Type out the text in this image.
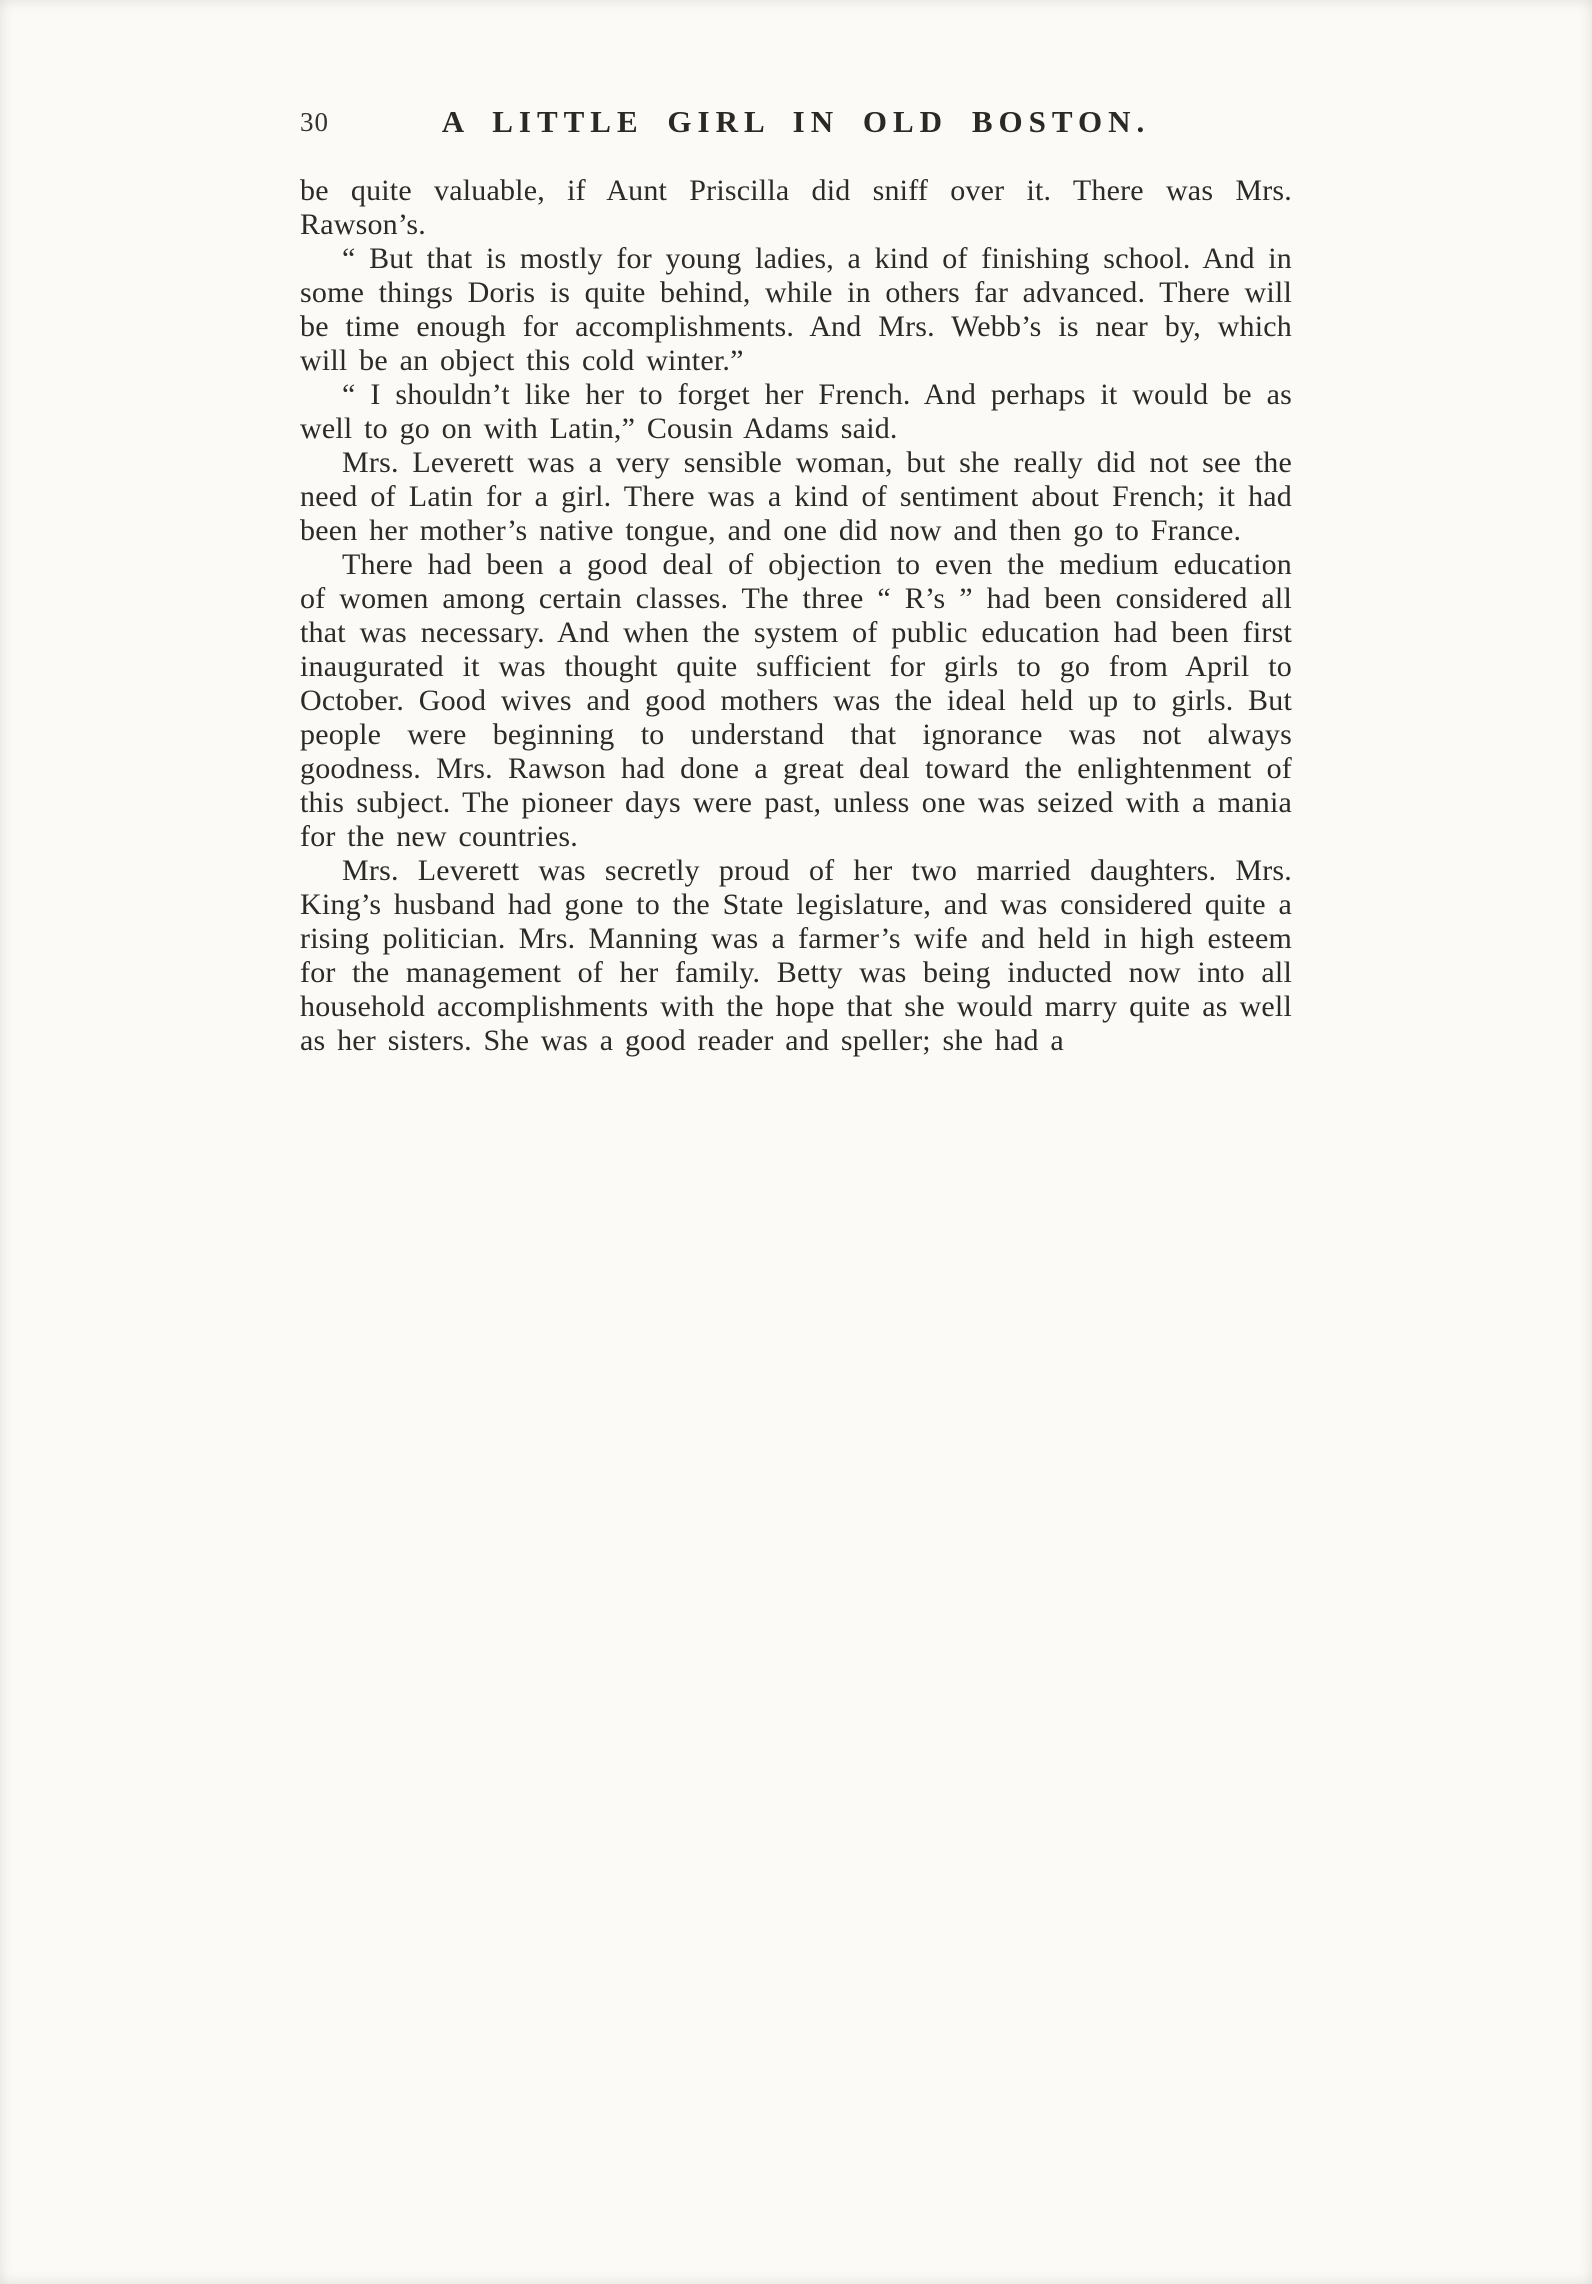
30	A LITTLE GIRL IN OLD BOSTON.

be quite valuable, if Aunt Priscilla did sniff over it. There was Mrs. Rawson’s.

“ But that is mostly for young ladies, a kind of finishing school. And in some things Doris is quite behind, while in others far advanced. There will be time enough for accomplishments. And Mrs. Webb’s is near by, which will be an object this cold winter.”

“ I shouldn’t like her to forget her French. And perhaps it would be as well to go on with Latin,” Cousin Adams said.

Mrs. Leverett was a very sensible woman, but she really did not see the need of Latin for a girl. There was a kind of sentiment about French; it had been her mother’s native tongue, and one did now and then go to France.

There had been a good deal of objection to even the medium education of women among certain classes. The three “ R’s ” had been considered all that was necessary. And when the system of public education had been first inaugurated it was thought quite sufficient for girls to go from April to October. Good wives and good mothers was the ideal held up to girls. But people were beginning to understand that ignorance was not always goodness. Mrs. Rawson had done a great deal toward the enlightenment of this subject. The pioneer days were past, unless one was seized with a mania for the new countries.

Mrs. Leverett was secretly proud of her two married daughters. Mrs. King’s husband had gone to the State legislature, and was considered quite a rising politician. Mrs. Manning was a farmer’s wife and held in high esteem for the management of her family. Betty was being inducted now into all household accomplishments with the hope that she would marry quite as well as her sisters. She was a good reader and speller; she had a
